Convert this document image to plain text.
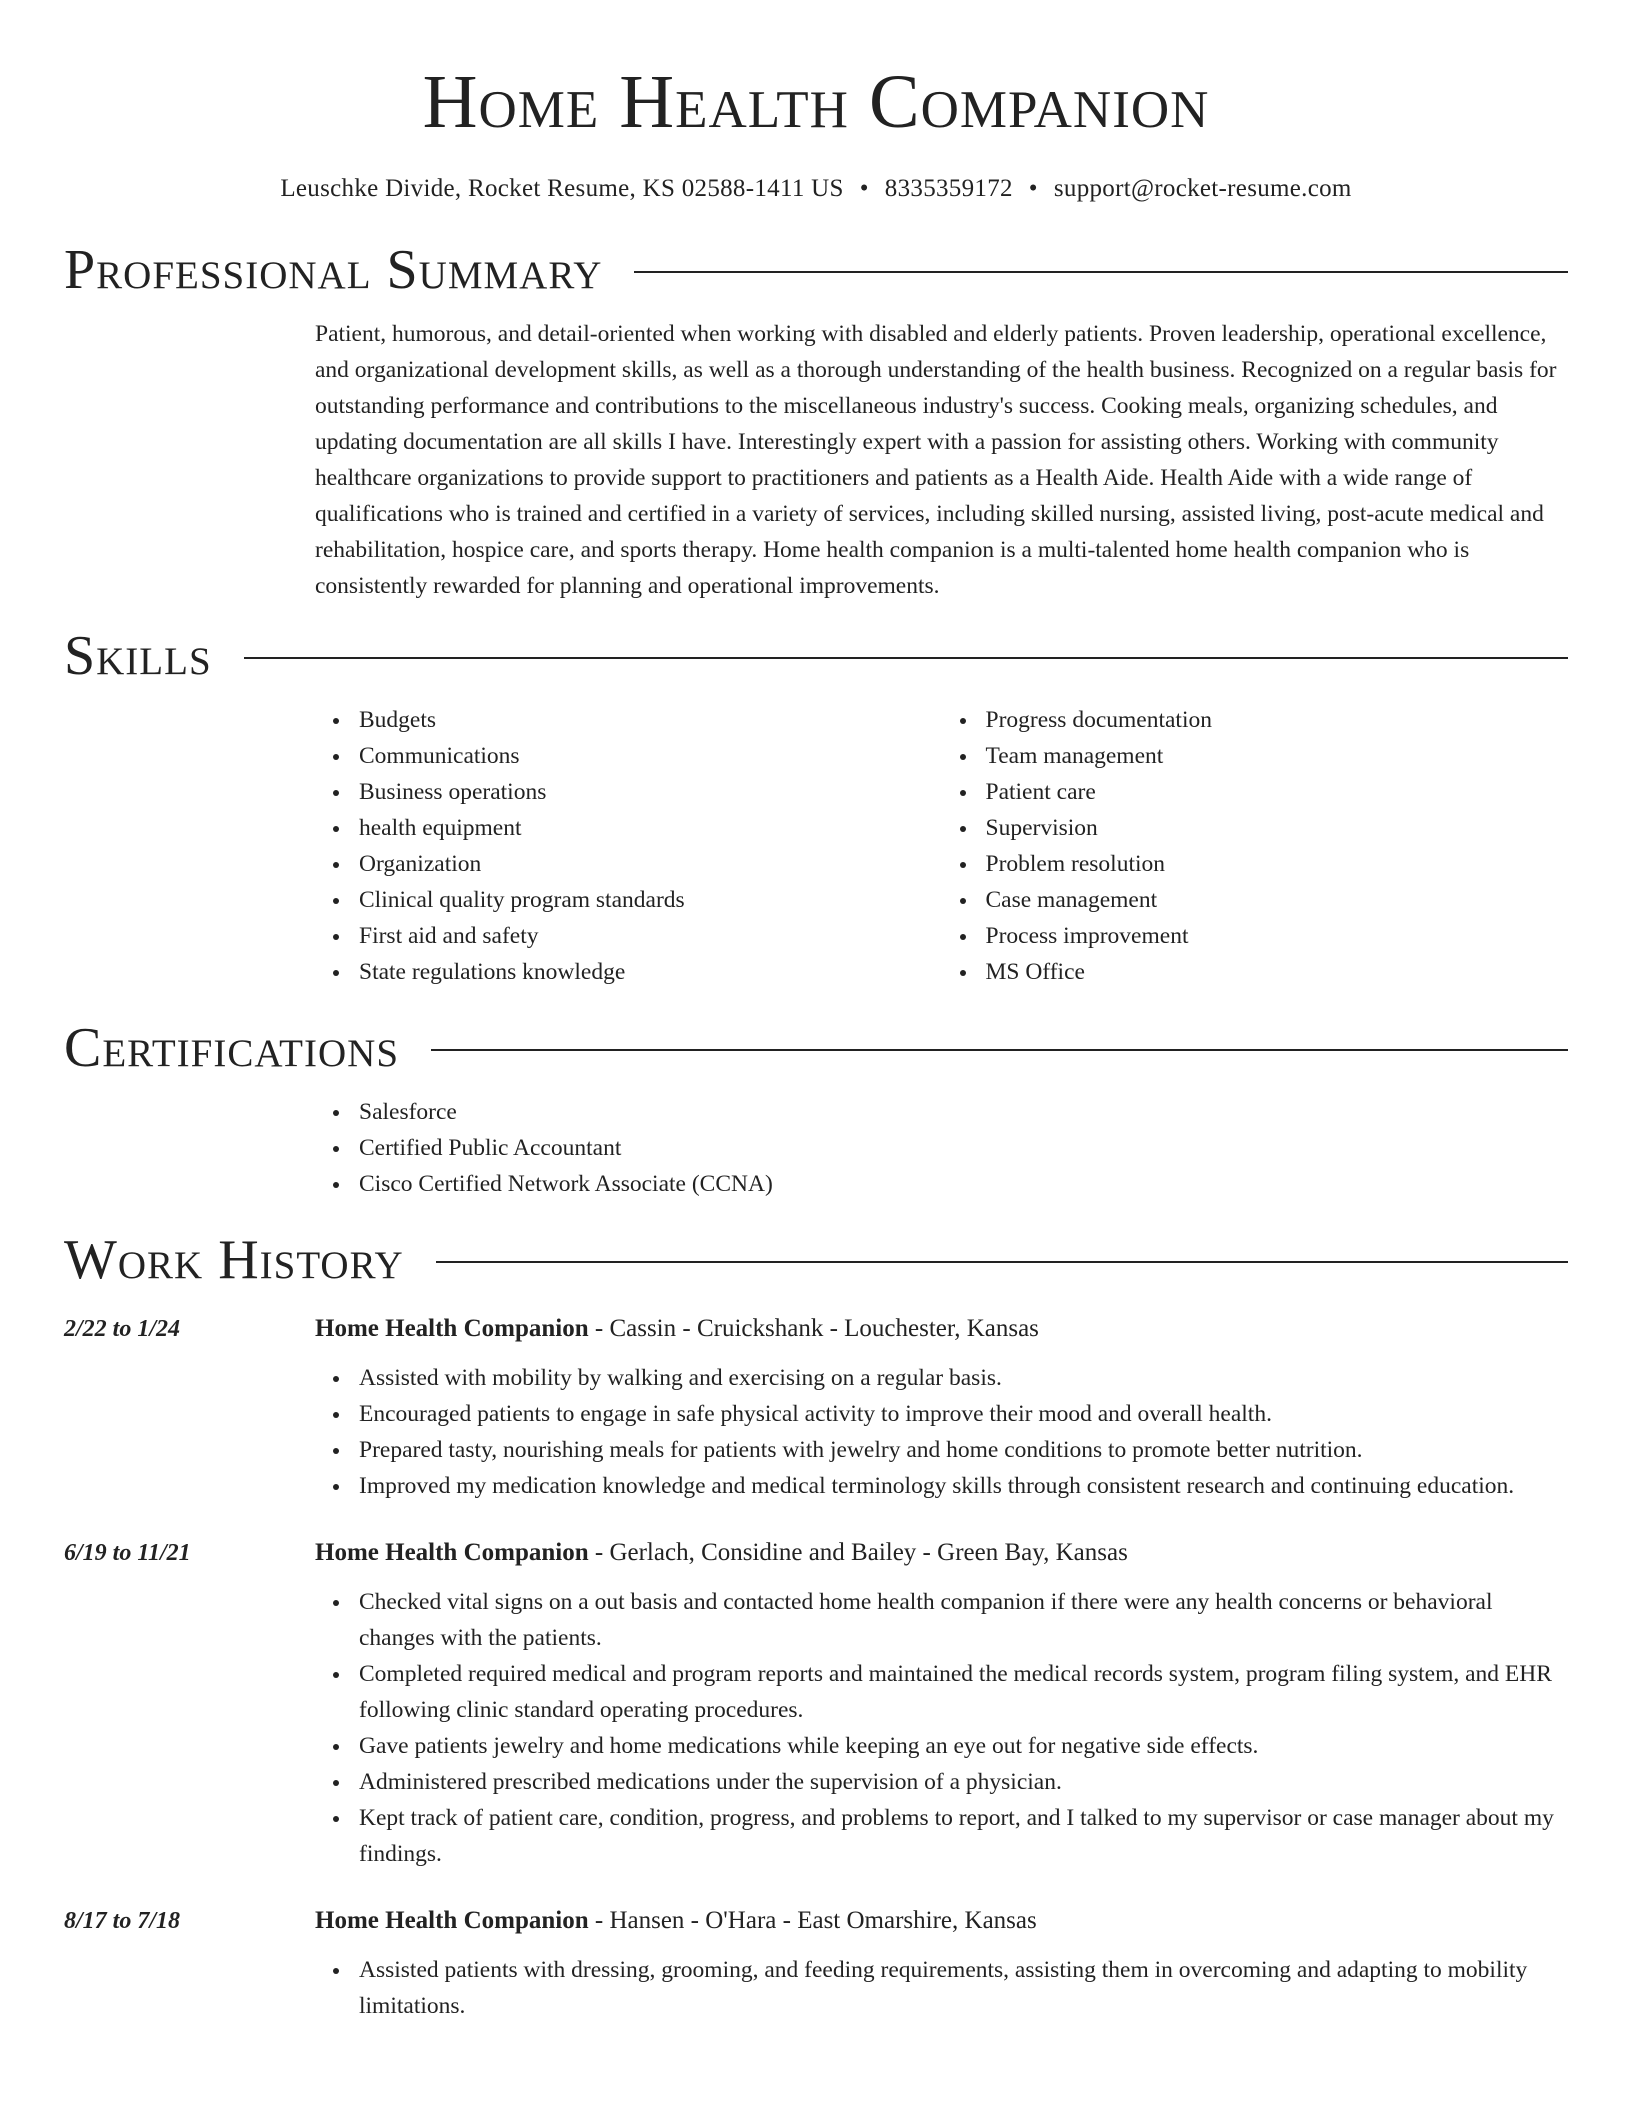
Home Health Companion
Leuschke Divide, Rocket Resume, KS 02588-1411 US • 8335359172 • support@rocket-resume.com
Professional Summary

Patient, humorous, and detail-oriented when working with disabled and elderly patients. Proven leadership, operational excellence, and organizational development skills, as well as a thorough understanding of the health business. Recognized on a regular basis for outstanding performance and contributions to the miscellaneous industry's success. Cooking meals, organizing schedules, and updating documentation are all skills I have. Interestingly expert with a passion for assisting others. Working with community healthcare organizations to provide support to practitioners and patients as a Health Aide. Health Aide with a wide range of qualifications who is trained and certified in a variety of services, including skilled nursing, assisted living, post-acute medical and rehabilitation, hospice care, and sports therapy. Home health companion is a multi-talented home health companion who is consistently rewarded for planning and operational improvements.

Skills
Budgets
Communications
Business operations
health equipment
Organization
Clinical quality program standards
First aid and safety
State regulations knowledge
Progress documentation
Team management
Patient care
Supervision
Problem resolution
Case management
Process improvement
MS Office
Certifications
Salesforce
Certified Public Accountant
Cisco Certified Network Associate (CCNA)
Work History
2/22 to 1/24	Home Health Companion - Cassin - Cruickshank - Louchester, Kansas
Assisted with mobility by walking and exercising on a regular basis.
Encouraged patients to engage in safe physical activity to improve their mood and overall health.
Prepared tasty, nourishing meals for patients with jewelry and home conditions to promote better nutrition.
Improved my medication knowledge and medical terminology skills through consistent research and continuing education.
6/19 to 11/21	Home Health Companion - Gerlach, Considine and Bailey - Green Bay, Kansas
Checked vital signs on a out basis and contacted home health companion if there were any health concerns or behavioral changes with the patients.
Completed required medical and program reports and maintained the medical records system, program filing system, and EHR following clinic standard operating procedures.
Gave patients jewelry and home medications while keeping an eye out for negative side effects.
Administered prescribed medications under the supervision of a physician.
Kept track of patient care, condition, progress, and problems to report, and I talked to my supervisor or case manager about my findings.
8/17 to 7/18	Home Health Companion - Hansen - O'Hara - East Omarshire, Kansas
Assisted patients with dressing, grooming, and feeding requirements, assisting them in overcoming and adapting to mobility limitations.
